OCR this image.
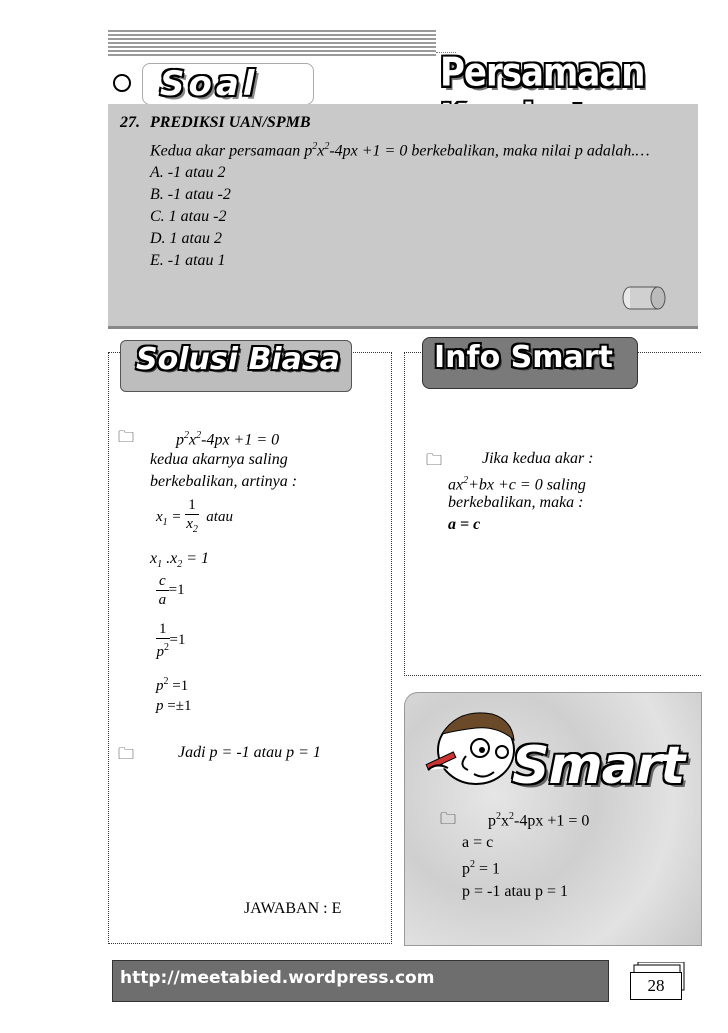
Soal	Persamaan
27. PREDIKSI UAN/SPMB
Kedua akar persamaan $p^2x^2-4px +1 = 0$ berkebalikan, maka nilai p adalah.…
A. -1 atau 2
B. -1 atau -2
C. 1 atau -2
D. 1 atau 2
E. -1 atau 1
Solusi Biasa
🗀	$p^2x^2-4px +1 = 0$
kedua akarnya saling
berkebalikan, artinya :
$x_1 = \frac{1}{x_2}$ atau
$x_1$ $.x_2 = 1$
$\frac{c}{a} =1$
$\frac{1}{p^2} =1$
$p^2 =1$
p =±1
🗀	Jadi p = -1 atau p = 1
JAWABAN : E
Info Smart
🗀 Jika kedua akar :
$ax^2+bx +c = 0$ saling
berkebalikan, maka :
a = c
Smart
🗀	$p^2x^2-4px +1 = 0$
a = c
$p^2 = 1$
p = -1 atau p = 1
http://meetabied.wordpress.com	28
